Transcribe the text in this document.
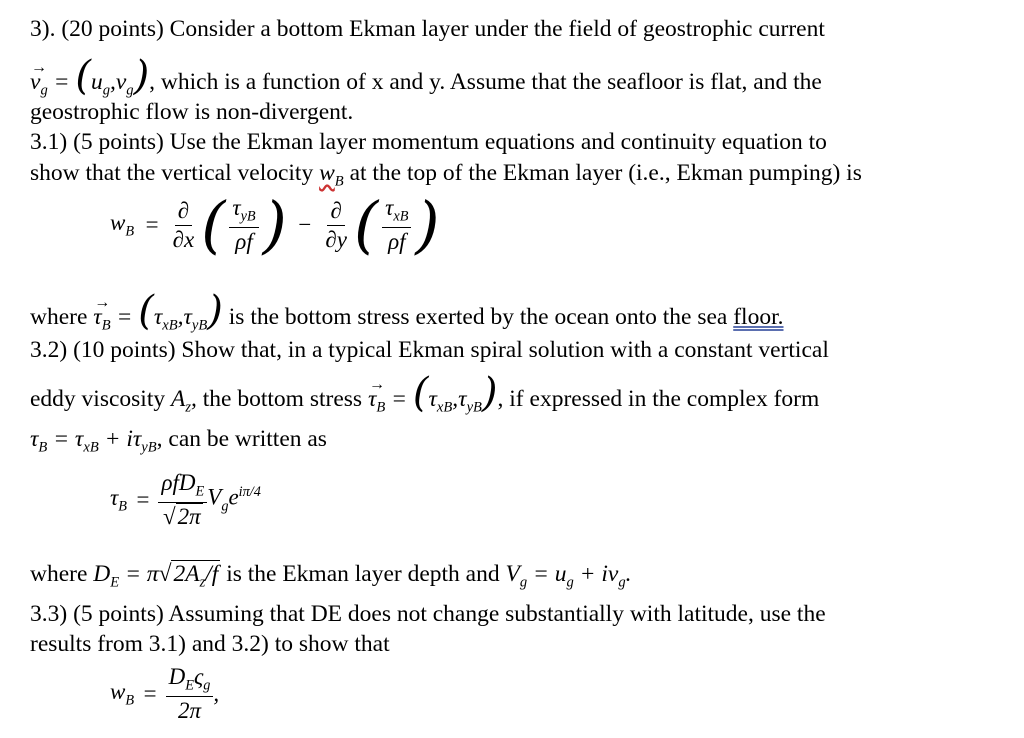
3). (20 points) Consider a bottom Ekman layer under the field of geostrophic current
→ $v_g = (u_g,v_g)$, which is a function of x and y. Assume that the seafloor is flat, and the
geostrophic flow is non-divergent.
3.1) (5 points) Use the Ekman layer momentum equations and continuity equation to
show that the vertical velocity $w_B$ at the top of the Ekman layer (i.e., Ekman pumping) is
$w_B = \frac{\partial}{\partial x}$ ( $\frac{\tau_{yB}}{\rho f}$ ) − $\frac{\partial}{\partial y}$ ( $\frac{\tau_{xB}}{\rho f}$ )
where → $\tau_B = (\tau_{xB},\tau_{yB})$ is the bottom stress exerted by the ocean onto the sea floor.
3.2) (10 points) Show that, in a typical Ekman spiral solution with a constant vertical
eddy viscosity $A_z$, the bottom stress → $\tau_B = (\tau_{xB},\tau_{yB})$, if expressed in the complex form
$\tau_B = \tau_{xB} + i\tau_{yB}$, can be written as
$\tau_B = \frac{\rho fD_E}{√2\pi} V_ge^{i\pi/4}$
where $D_E = \pi√2A_z/f$ is the Ekman layer depth and $V_g = u_g + iv_g$.
3.3) (5 points) Assuming that DE does not change substantially with latitude, use the
results from 3.1) and 3.2) to show that
$w_B = \frac{D_E\varsigma_g}{2\pi}$ ,
